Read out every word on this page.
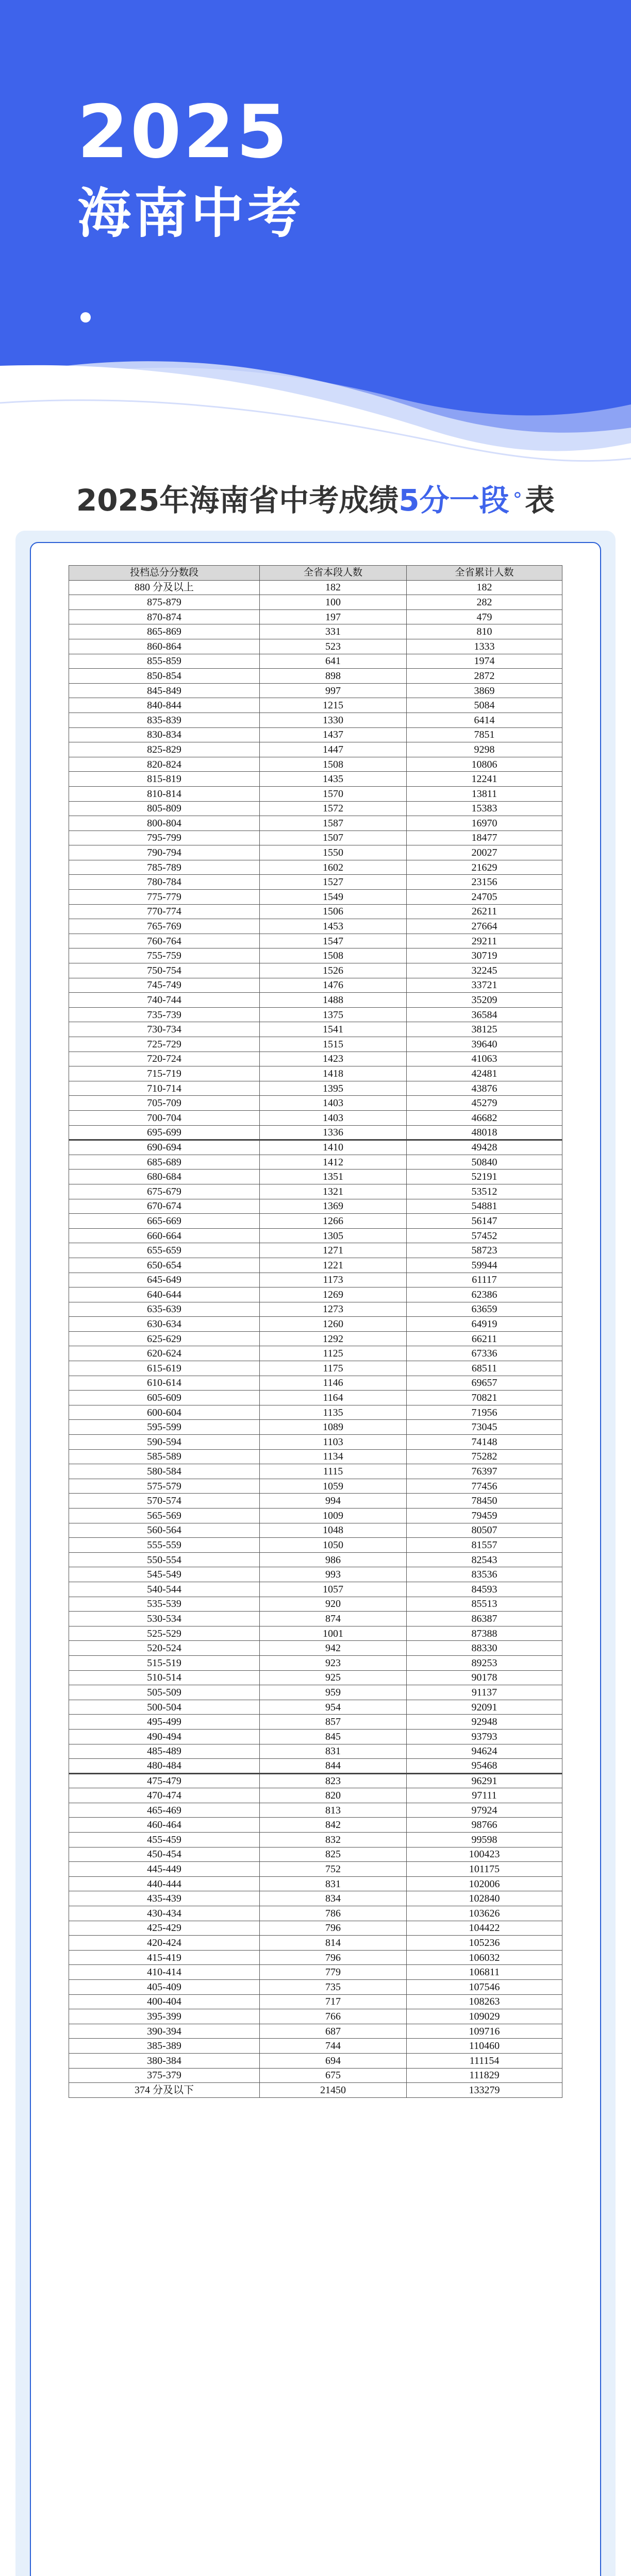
2025
海南中考
2025年海南省中考成绩5分一段⚬表
投档总分分数段	全省本段人数	全省累计人数
880 分及以上	182	182
875-879	100	282
870-874	197	479
865-869	331	810
860-864	523	1333
855-859	641	1974
850-854	898	2872
845-849	997	3869
840-844	1215	5084
835-839	1330	6414
830-834	1437	7851
825-829	1447	9298
820-824	1508	10806
815-819	1435	12241
810-814	1570	13811
805-809	1572	15383
800-804	1587	16970
795-799	1507	18477
790-794	1550	20027
785-789	1602	21629
780-784	1527	23156
775-779	1549	24705
770-774	1506	26211
765-769	1453	27664
760-764	1547	29211
755-759	1508	30719
750-754	1526	32245
745-749	1476	33721
740-744	1488	35209
735-739	1375	36584
730-734	1541	38125
725-729	1515	39640
720-724	1423	41063
715-719	1418	42481
710-714	1395	43876
705-709	1403	45279
700-704	1403	46682
695-699	1336	48018
690-694	1410	49428
685-689	1412	50840
680-684	1351	52191
675-679	1321	53512
670-674	1369	54881
665-669	1266	56147
660-664	1305	57452
655-659	1271	58723
650-654	1221	59944
645-649	1173	61117
640-644	1269	62386
635-639	1273	63659
630-634	1260	64919
625-629	1292	66211
620-624	1125	67336
615-619	1175	68511
610-614	1146	69657
605-609	1164	70821
600-604	1135	71956
595-599	1089	73045
590-594	1103	74148
585-589	1134	75282
580-584	1115	76397
575-579	1059	77456
570-574	994	78450
565-569	1009	79459
560-564	1048	80507
555-559	1050	81557
550-554	986	82543
545-549	993	83536
540-544	1057	84593
535-539	920	85513
530-534	874	86387
525-529	1001	87388
520-524	942	88330
515-519	923	89253
510-514	925	90178
505-509	959	91137
500-504	954	92091
495-499	857	92948
490-494	845	93793
485-489	831	94624
480-484	844	95468
475-479	823	96291
470-474	820	97111
465-469	813	97924
460-464	842	98766
455-459	832	99598
450-454	825	100423
445-449	752	101175
440-444	831	102006
435-439	834	102840
430-434	786	103626
425-429	796	104422
420-424	814	105236
415-419	796	106032
410-414	779	106811
405-409	735	107546
400-404	717	108263
395-399	766	109029
390-394	687	109716
385-389	744	110460
380-384	694	111154
375-379	675	111829
374 分及以下	21450	133279
